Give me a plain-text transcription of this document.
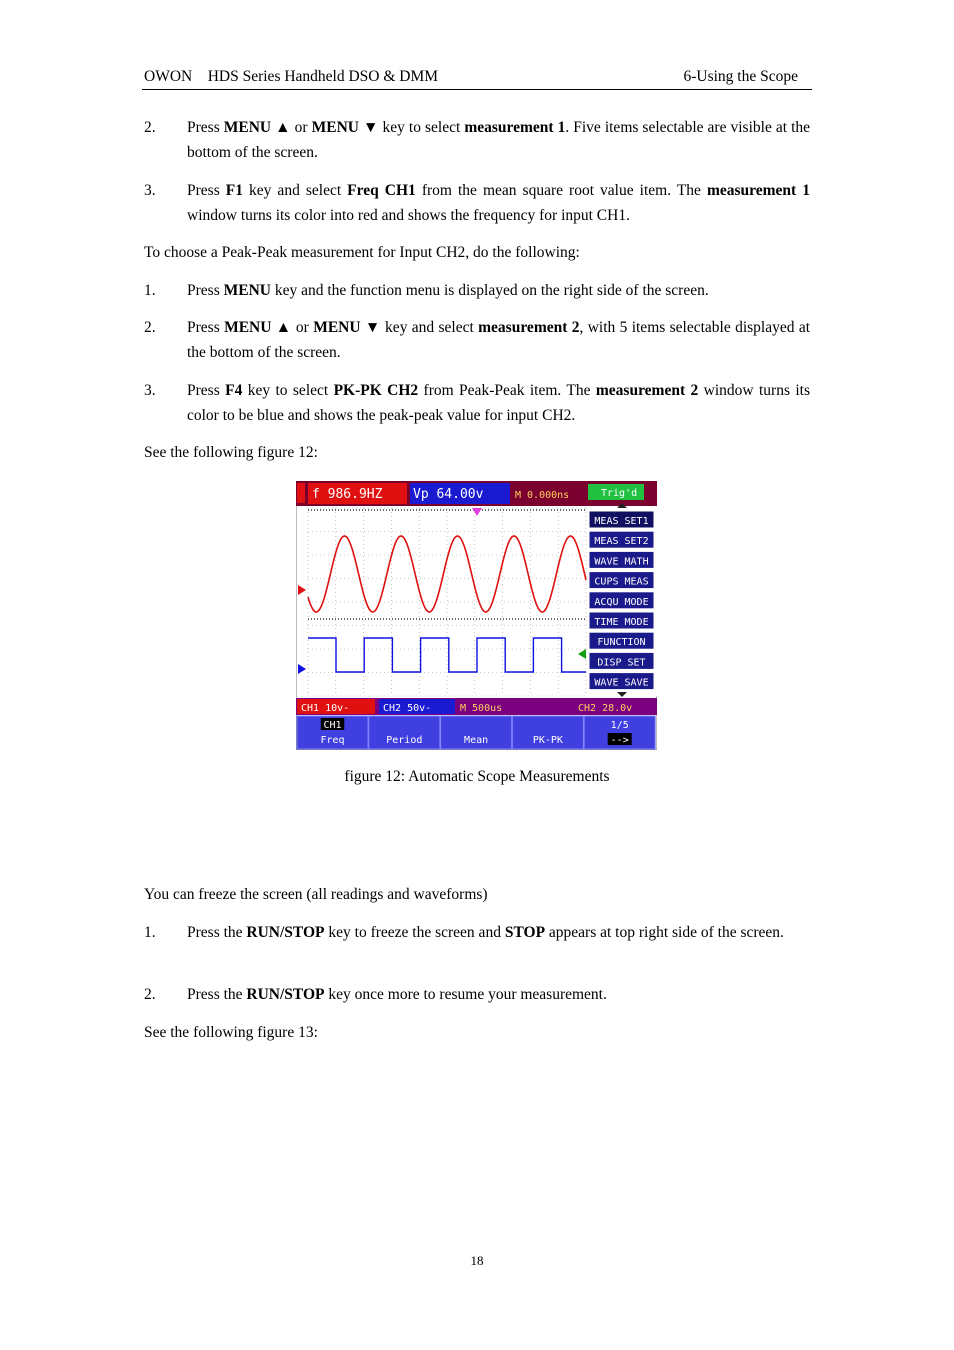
OWON    HDS Series Handheld DSO & DMM	6-Using the Scope
2. Press MENU ▲ or MENU ▼ key to select measurement 1. Five items selectable are visible at the bottom of the screen.
3. Press F1 key and select Freq CH1 from the mean square root value item. The measurement 1 window turns its color into red and shows the frequency for input CH1.
To choose a Peak-Peak measurement for Input CH2, do the following:
1. Press MENU key and the function menu is displayed on the right side of the screen.
2. Press MENU ▲ or MENU ▼ key and select measurement 2, with 5 items selectable displayed at the bottom of the screen.
3. Press F4 key to select PK-PK CH2 from Peak-Peak item. The measurement 2 window turns its color to be blue and shows the peak-peak value for input CH2.
See the following figure 12:
f 986.9HZ Vp 64.00v	M 0.000ns	Trig'd
MEAS SET1
MEAS SET2
WAVE MATH
CUPS MEAS
ACQU MODE
TIME MODE
FUNCTION
DISP SET
WAVE SAVE
CH1 10v-	CH2 50v-	M 500us	CH2 28.0v
CH1
Freq	Period	Mean	PK-PK
1/5
-->
figure 12: Automatic Scope Measurements
You can freeze the screen (all readings and waveforms)
1. Press the RUN/STOP key to freeze the screen and STOP appears at top right side of the screen.
2. Press the RUN/STOP key once more to resume your measurement.
See the following figure 13:
18
